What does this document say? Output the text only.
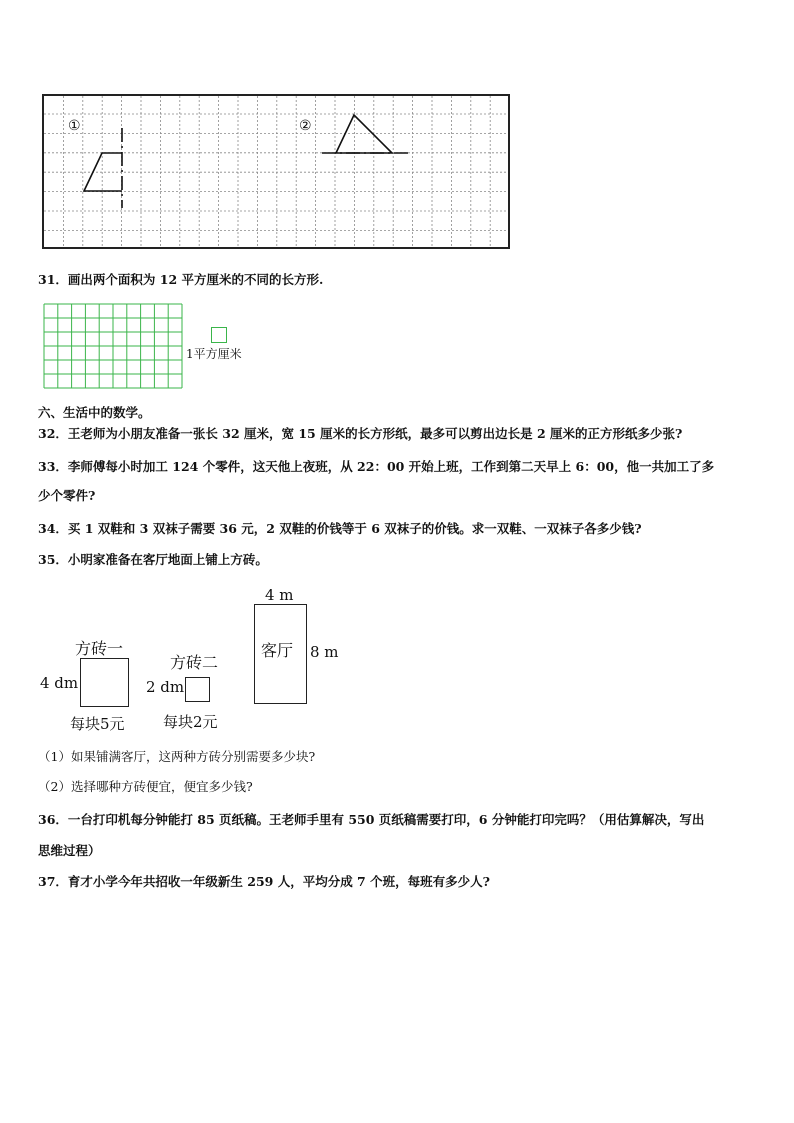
①	②
31．画出两个面积为 12 平方厘米的不同的长方形.
1平方厘米
六、生活中的数学。
32．王老师为小朋友准备一张长 32 厘米，宽 15 厘米的长方形纸，最多可以剪出边长是 2 厘米的正方形纸多少张?
33．李师傅每小时加工 124 个零件，这天他上夜班，从 22：00 开始上班，工作到第二天早上 6：00，他一共加工了多
少个零件?
34．买 1 双鞋和 3 双袜子需要 36 元，2 双鞋的价钱等于 6 双袜子的价钱。求一双鞋、一双袜子各多少钱?
35．小明家准备在客厅地面上铺上方砖。
方砖一
4 dm
每块5元
方砖二
2 dm
每块2元
4 m
客厅 8 m
（1）如果铺满客厅，这两种方砖分别需要多少块?
（2）选择哪种方砖便宜，便宜多少钱?
36．一台打印机每分钟能打 85 页纸稿。王老师手里有 550 页纸稿需要打印，6 分钟能打印完吗？（用估算解决，写出
思维过程）
37．育才小学今年共招收一年级新生 259 人，平均分成 7 个班，每班有多少人?
